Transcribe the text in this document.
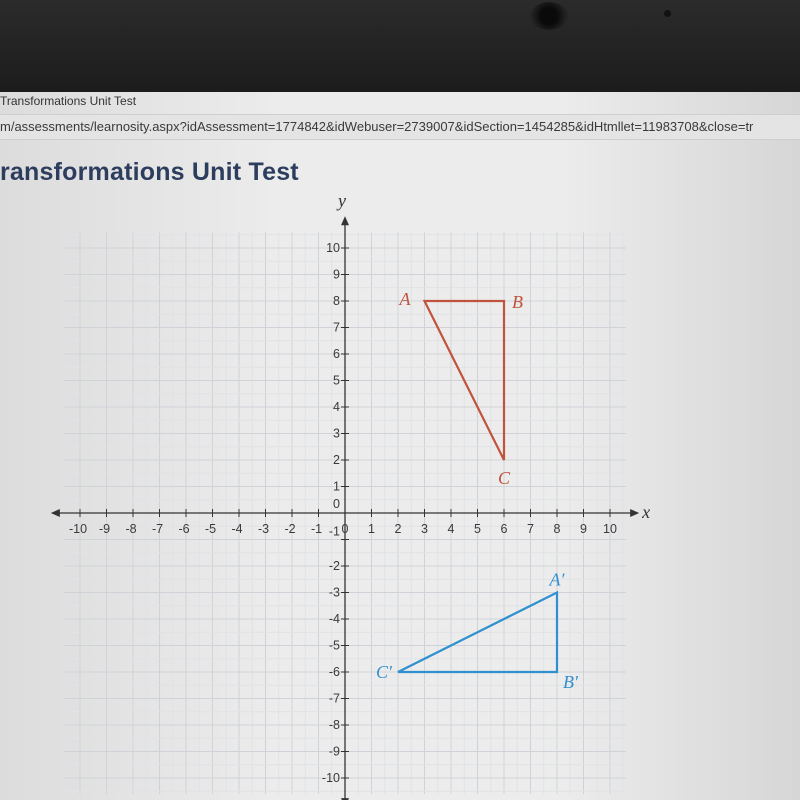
Transformations Unit Test
m/assessments/learnosity.aspx?idAssessment=1774842&idWebuser=2739007&idSection=1454285&idHtmllet=11983708&close=tr
ransformations Unit Test
x
y
-10 -9 -8 -7 -6 -5 -4 -3 -2 -1 0 1 2 3 4 5 6 7 8 9 10
-10
-9
-8
-7
-6
-5
-4
-3
-2
-1
1
2
3
4
5
6
7
8
9
10
0
A	B
C
A′
B′
C′
